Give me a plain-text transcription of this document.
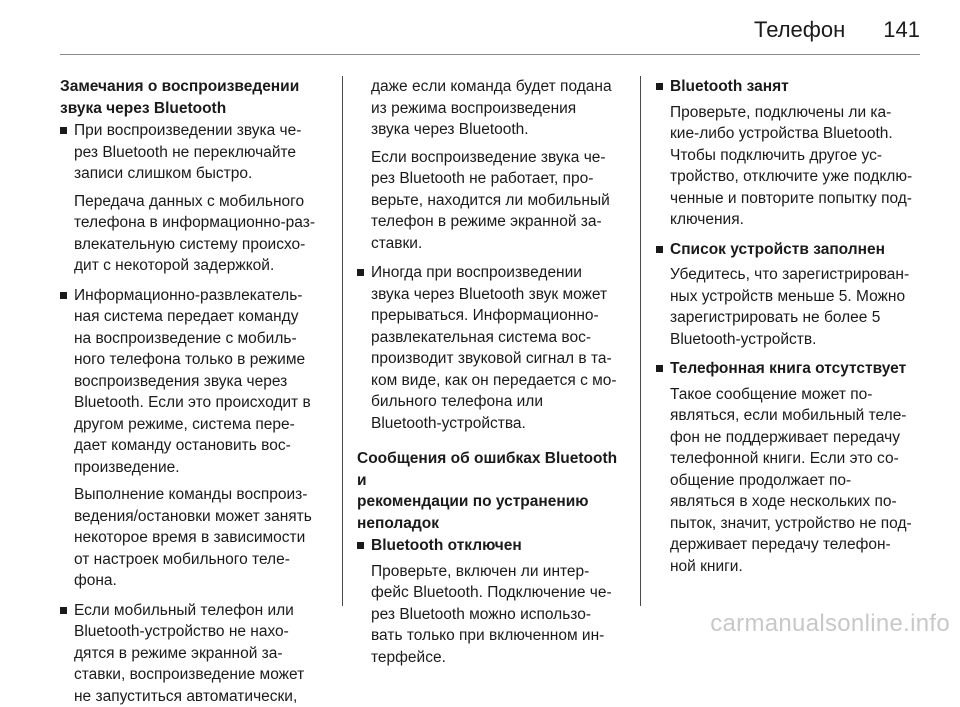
Телефон 141
Замечания о воспроизведении
звука через Bluetooth
При воспроизведении звука че-
рез Bluetooth не переключайте
записи слишком быстро.
Передача данных с мобильного
телефона в информационно-раз-
влекательную систему происхо-
дит с некоторой задержкой.
Информационно-развлекатель-
ная система передает команду
на воспроизведение с мобиль-
ного телефона только в режиме
воспроизведения звука через
Bluetooth. Если это происходит в
другом режиме, система пере-
дает команду остановить вос-
произведение.
Выполнение команды воспроиз-
ведения/остановки может занять
некоторое время в зависимости
от настроек мобильного теле-
фона.
Если мобильный телефон или
Bluetooth-устройство не нахо-
дятся в режиме экранной за-
ставки, воспроизведение может
не запуститься автоматически,
даже если команда будет подана
из режима воспроизведения
звука через Bluetooth.
Если воспроизведение звука че-
рез Bluetooth не работает, про-
верьте, находится ли мобильный
телефон в режиме экранной за-
ставки.
Иногда при воспроизведении
звука через Bluetooth звук может
прерываться. Информационно-
развлекательная система вос-
производит звуковой сигнал в та-
ком виде, как он передается с мо-
бильного телефона или
Bluetooth-устройства.
Сообщения об ошибках Bluetooth и
рекомендации по устранению
неполадок
Bluetooth отключен
Проверьте, включен ли интер-
фейс Bluetooth. Подключение че-
рез Bluetooth можно использо-
вать только при включенном ин-
терфейсе.
Bluetooth занят
Проверьте, подключены ли ка-
кие-либо устройства Bluetooth.
Чтобы подключить другое ус-
тройство, отключите уже подклю-
ченные и повторите попытку под-
ключения.
Список устройств заполнен
Убедитесь, что зарегистрирован-
ных устройств меньше 5. Можно
зарегистрировать не более 5
Bluetooth-устройств.
Телефонная книга отсутствует
Такое сообщение может по-
являться, если мобильный теле-
фон не поддерживает передачу
телефонной книги. Если это со-
общение продолжает по-
являться в ходе нескольких по-
пыток, значит, устройство не под-
держивает передачу телефон-
ной книги.
carmanualsonline.info
